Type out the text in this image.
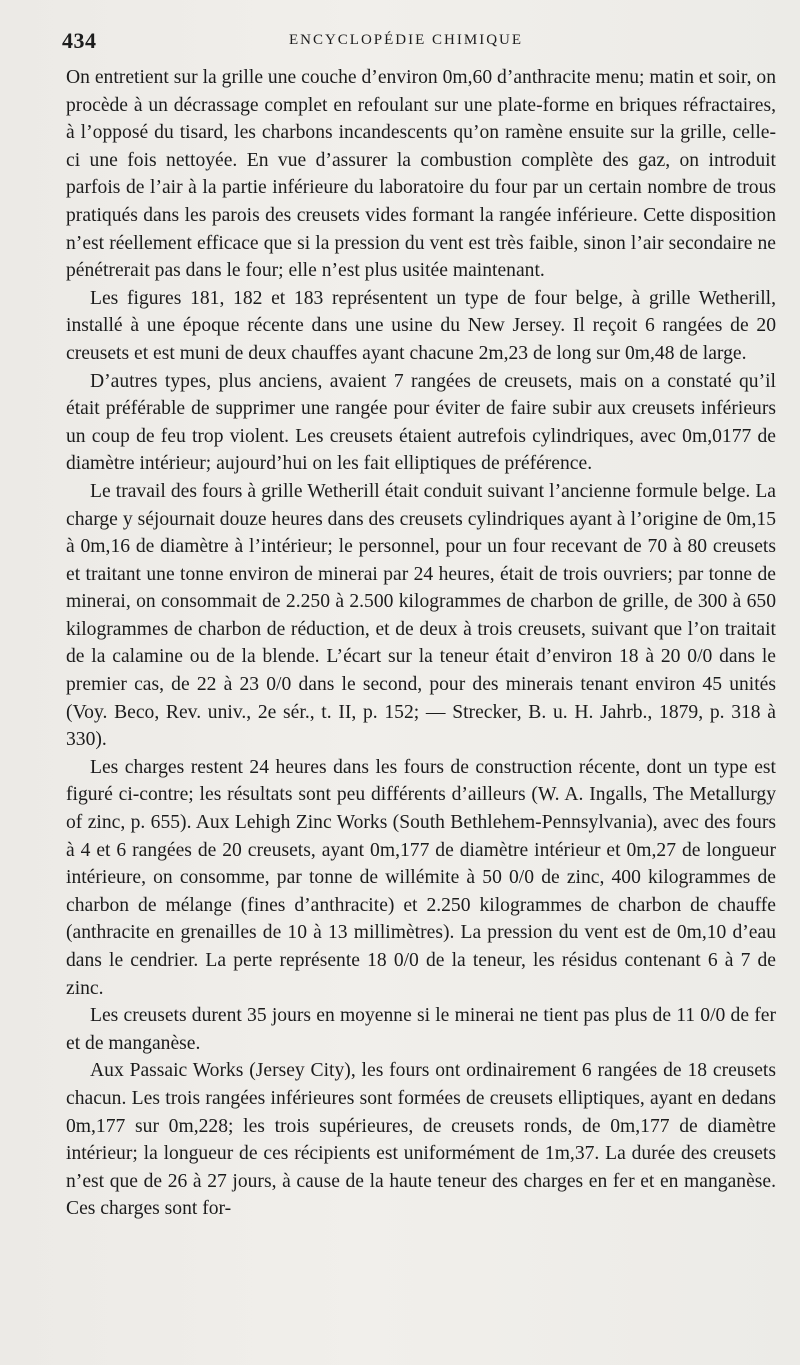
434	ENCYCLOPÉDIE CHIMIQUE

On entretient sur la grille une couche d’environ 0m,60 d’anthracite menu; matin et soir, on procède à un décrassage complet en refoulant sur une plate-forme en briques réfractaires, à l’opposé du tisard, les charbons incandescents qu’on ramène ensuite sur la grille, celle-ci une fois nettoyée. En vue d’assurer la combustion complète des gaz, on introduit parfois de l’air à la partie inférieure du laboratoire du four par un certain nombre de trous pratiqués dans les parois des creusets vides formant la rangée inférieure. Cette disposition n’est réellement efficace que si la pression du vent est très faible, sinon l’air secondaire ne pénétrerait pas dans le four; elle n’est plus usitée maintenant.

Les figures 181, 182 et 183 représentent un type de four belge, à grille Wetherill, installé à une époque récente dans une usine du New Jersey. Il reçoit 6 rangées de 20 creusets et est muni de deux chauffes ayant chacune 2m,23 de long sur 0m,48 de large.

D’autres types, plus anciens, avaient 7 rangées de creusets, mais on a constaté qu’il était préférable de supprimer une rangée pour éviter de faire subir aux creusets inférieurs un coup de feu trop violent. Les creusets étaient autrefois cylindriques, avec 0m,0177 de diamètre intérieur; aujourd’hui on les fait elliptiques de préférence.

Le travail des fours à grille Wetherill était conduit suivant l’ancienne formule belge. La charge y séjournait douze heures dans des creusets cylindriques ayant à l’origine de 0m,15 à 0m,16 de diamètre à l’intérieur; le personnel, pour un four recevant de 70 à 80 creusets et traitant une tonne environ de minerai par 24 heures, était de trois ouvriers; par tonne de minerai, on consommait de 2.250 à 2.500 kilogrammes de charbon de grille, de 300 à 650 kilogrammes de charbon de réduction, et de deux à trois creusets, suivant que l’on traitait de la calamine ou de la blende. L’écart sur la teneur était d’environ 18 à 20 0/0 dans le premier cas, de 22 à 23 0/0 dans le second, pour des minerais tenant environ 45 unités (Voy. Beco, Rev. univ., 2e sér., t. II, p. 152; — Strecker, B. u. H. Jahrb., 1879, p. 318 à 330).

Les charges restent 24 heures dans les fours de construction récente, dont un type est figuré ci-contre; les résultats sont peu différents d’ailleurs (W. A. Ingalls, The Metallurgy of zinc, p. 655). Aux Lehigh Zinc Works (South Bethlehem-Pennsylvania), avec des fours à 4 et 6 rangées de 20 creusets, ayant 0m,177 de diamètre intérieur et 0m,27 de longueur intérieure, on consomme, par tonne de willémite à 50 0/0 de zinc, 400 kilogrammes de charbon de mélange (fines d’anthracite) et 2.250 kilogrammes de charbon de chauffe (anthracite en grenailles de 10 à 13 millimètres). La pression du vent est de 0m,10 d’eau dans le cendrier. La perte représente 18 0/0 de la teneur, les résidus contenant 6 à 7 de zinc.

Les creusets durent 35 jours en moyenne si le minerai ne tient pas plus de 11 0/0 de fer et de manganèse.

Aux Passaic Works (Jersey City), les fours ont ordinairement 6 rangées de 18 creusets chacun. Les trois rangées inférieures sont formées de creusets elliptiques, ayant en dedans 0m,177 sur 0m,228; les trois supérieures, de creusets ronds, de 0m,177 de diamètre intérieur; la longueur de ces récipients est uniformément de 1m,37. La durée des creusets n’est que de 26 à 27 jours, à cause de la haute teneur des charges en fer et en manganèse. Ces charges sont for-
